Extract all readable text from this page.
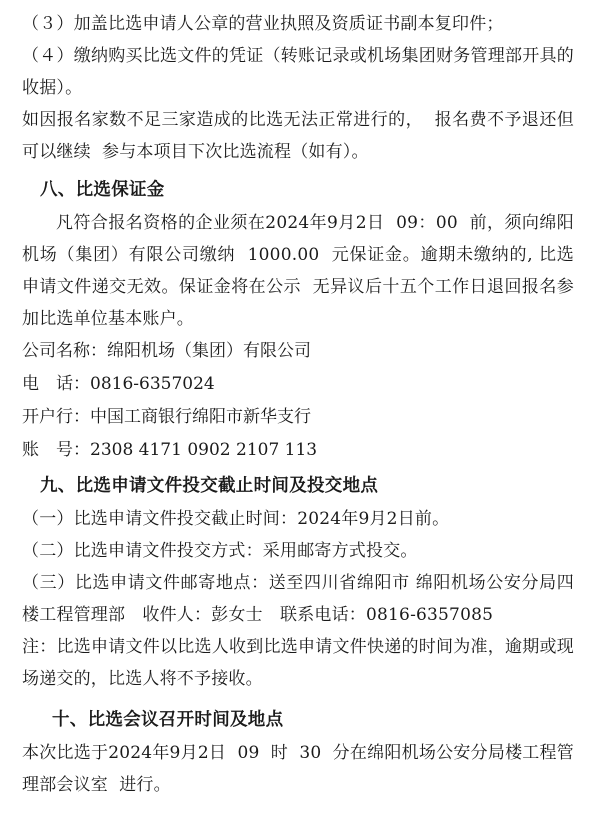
（３）加盖比选申请人公章的营业执照及资质证书副本复印件；

（４）缴纳购买比选文件的凭证（转账记录或机场集团财务管理部开具的收据）。

如因报名家数不足三家造成的比选无法正常进行的，  报名费不予退还但可以继续  参与本项目下次比选流程（如有）。

八、比选保证金

凡符合报名资格的企业须在2024年9月2日  09：00  前，须向绵阳机场（集团）有限公司缴纳  1000.00  元保证金。逾期未缴纳的, 比选申请文件递交无效。保证金将在公示  无异议后十五个工作日退回报名参加比选单位基本账户。

公司名称：绵阳机场（集团）有限公司

电　话：0816-6357024

开户行：中国工商银行绵阳市新华支行

账　号：2308 4171 0902 2107 113

九、比选申请文件投交截止时间及投交地点

（一）比选申请文件投交截止时间：2024年9月2日前。

（二）比选申请文件投交方式：采用邮寄方式投交。

（三）比选申请文件邮寄地点：送至四川省绵阳市 绵阳机场公安分局四楼工程管理部　收件人：彭女士　联系电话：0816-6357085

注：比选申请文件以比选人收到比选申请文件快递的时间为准，逾期或现场递交的，比选人将不予接收。

十、比选会议召开时间及地点

本次比选于2024年9月2日  09  时  30  分在绵阳机场公安分局楼工程管理部会议室  进行。
